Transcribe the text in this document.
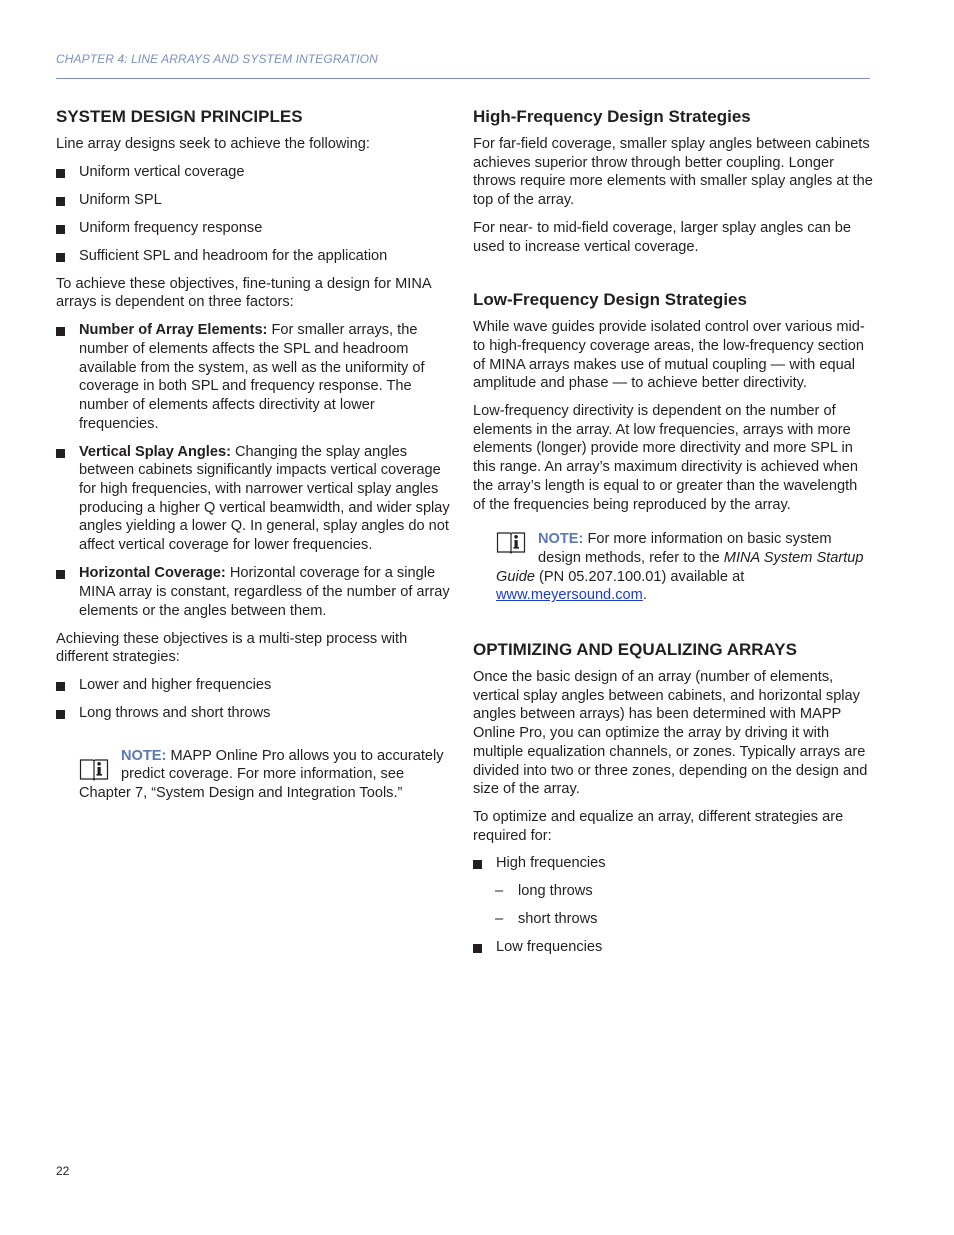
CHAPTER 4: LINE ARRAYS AND SYSTEM INTEGRATION
SYSTEM DESIGN PRINCIPLES

Line array designs seek to achieve the following:

Uniform vertical coverage
Uniform SPL
Uniform frequency response
Sufficient SPL and headroom for the application

To achieve these objectives, fine-tuning a design for MINA arrays is dependent on three factors:

Number of Array Elements: For smaller arrays, the number of elements affects the SPL and headroom available from the system, as well as the uniformity of coverage in both SPL and frequency response. The number of elements affects directivity at lower frequencies.
Vertical Splay Angles: Changing the splay angles between cabinets significantly impacts vertical coverage for high frequencies, with narrower vertical splay angles producing a higher Q vertical beamwidth, and wider splay angles yielding a lower Q. In general, splay angles do not affect vertical coverage for lower frequencies.
Horizontal Coverage: Horizontal coverage for a single MINA array is constant, regardless of the number of array elements or the angles between them.

Achieving these objectives is a multi-step process with different strategies:

Lower and higher frequencies
Long throws and short throws
NOTE: MAPP Online Pro allows you to accurately predict coverage. For more information, see Chapter 7, “System Design and Integration Tools.”
High-Frequency Design Strategies

For far-field coverage, smaller splay angles between cabinets achieves superior throw through better coupling. Longer throws require more elements with smaller splay angles at the top of the array.

For near- to mid-field coverage, larger splay angles can be used to increase vertical coverage.

Low-Frequency Design Strategies

While wave guides provide isolated control over various mid- to high-frequency coverage areas, the low-frequency section of MINA arrays makes use of mutual coupling — with equal amplitude and phase — to achieve better directivity.

Low-frequency directivity is dependent on the number of elements in the array. At low frequencies, arrays with more elements (longer) provide more directivity and more SPL in this range. An array’s maximum directivity is achieved when the array’s length is equal to or greater than the wavelength of the frequencies being reproduced by the array.

NOTE: For more information on basic system design methods, refer to the MINA System Startup Guide (PN 05.207.100.01) available at www.meyersound.com.
OPTIMIZING AND EQUALIZING ARRAYS

Once the basic design of an array (number of elements, vertical splay angles between cabinets, and horizontal splay angles between arrays) has been determined with MAPP Online Pro, you can optimize the array by driving it with multiple equalization channels, or zones. Typically arrays are divided into two or three zones, depending on the design and size of the array.

To optimize and equalize an array, different strategies are required for:

High frequencies
– long throws
– short throws
Low frequencies
22
